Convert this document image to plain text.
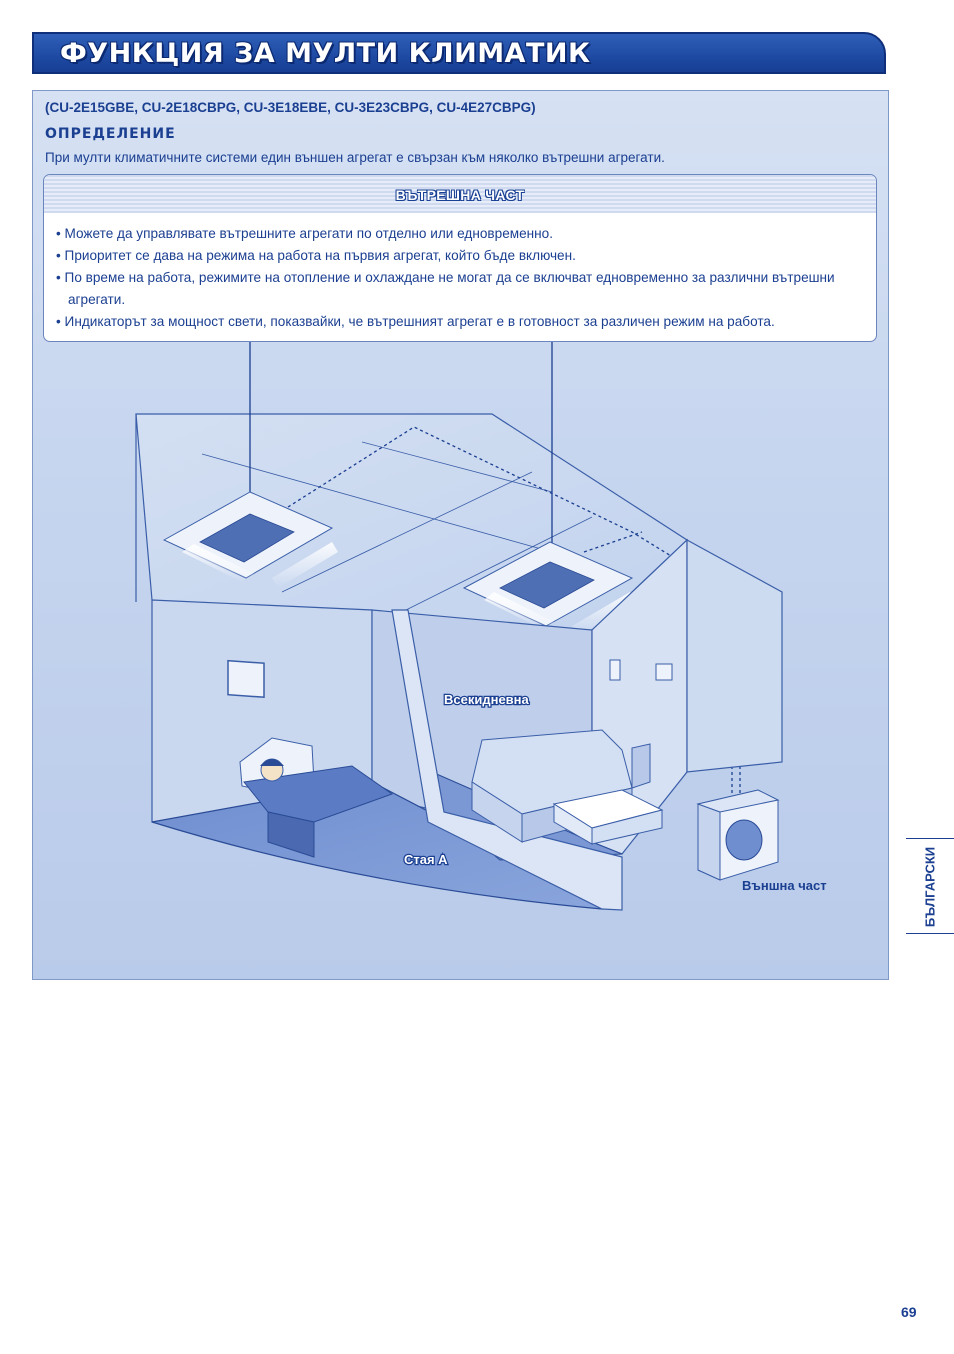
ФУНКЦИЯ ЗА МУЛТИ КЛИМАТИК
(CU-2E15GBE, CU-2E18CBPG, CU-3E18EBE, CU-3E23CBPG, CU-4E27CBPG)
ОПРЕДЕЛЕНИЕ
При мулти климатичните системи един външен агрегат е свързан към няколко вътрешни агрегати.
ВЪТРЕШНА ЧАСТ
• Можете да управлявате вътрешните агрегати по отделно или едновременно.
• Приоритет се дава на режима на работа на първия агрегат, който бъде включен.
• По време на работа, режимите на отопление и охлаждане не могат да се включват едновременно за различни вътрешни агрегати.
• Индикаторът за мощност свети, показвайки, че вътрешният агрегат е в готовност за различен режим на работа.
Всекидневна
Стая А
Външна част	БЪЛГАРСКИ
69
